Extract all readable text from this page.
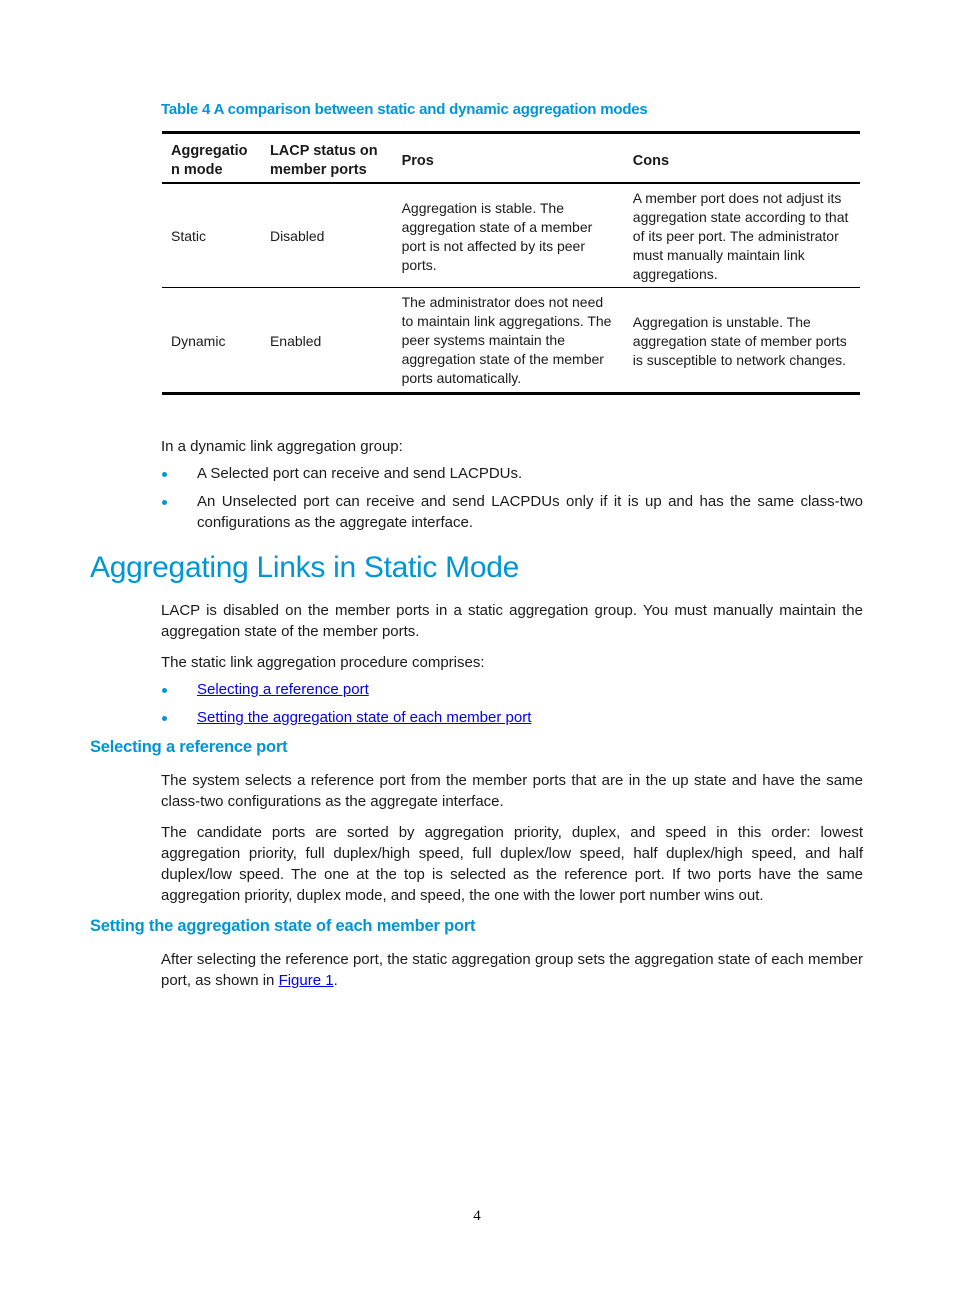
Table 4 A comparison between static and dynamic aggregation modes
Aggregatio n mode	LACP status on member ports	Pros	Cons
Static	Disabled	Aggregation is stable. The aggregation state of a member port is not affected by its peer ports.	A member port does not adjust its aggregation state according to that of its peer port. The administrator must manually maintain link aggregations.
Dynamic	Enabled	The administrator does not need to maintain link aggregations. The peer systems maintain the aggregation state of the member ports automatically.	Aggregation is unstable. The aggregation state of member ports is susceptible to network changes.

In a dynamic link aggregation group:

A Selected port can receive and send LACPDUs.
An Unselected port can receive and send LACPDUs only if it is up and has the same class-two configurations as the aggregate interface.
Aggregating Links in Static Mode

LACP is disabled on the member ports in a static aggregation group. You must manually maintain the aggregation state of the member ports.

The static link aggregation procedure comprises:

Selecting a reference port
Setting the aggregation state of each member port
Selecting a reference port

The system selects a reference port from the member ports that are in the up state and have the same class-two configurations as the aggregate interface.

The candidate ports are sorted by aggregation priority, duplex, and speed in this order: lowest aggregation priority, full duplex/high speed, full duplex/low speed, half duplex/high speed, and half duplex/low speed. The one at the top is selected as the reference port. If two ports have the same aggregation priority, duplex mode, and speed, the one with the lower port number wins out.

Setting the aggregation state of each member port

After selecting the reference port, the static aggregation group sets the aggregation state of each member port, as shown in Figure 1.

4
